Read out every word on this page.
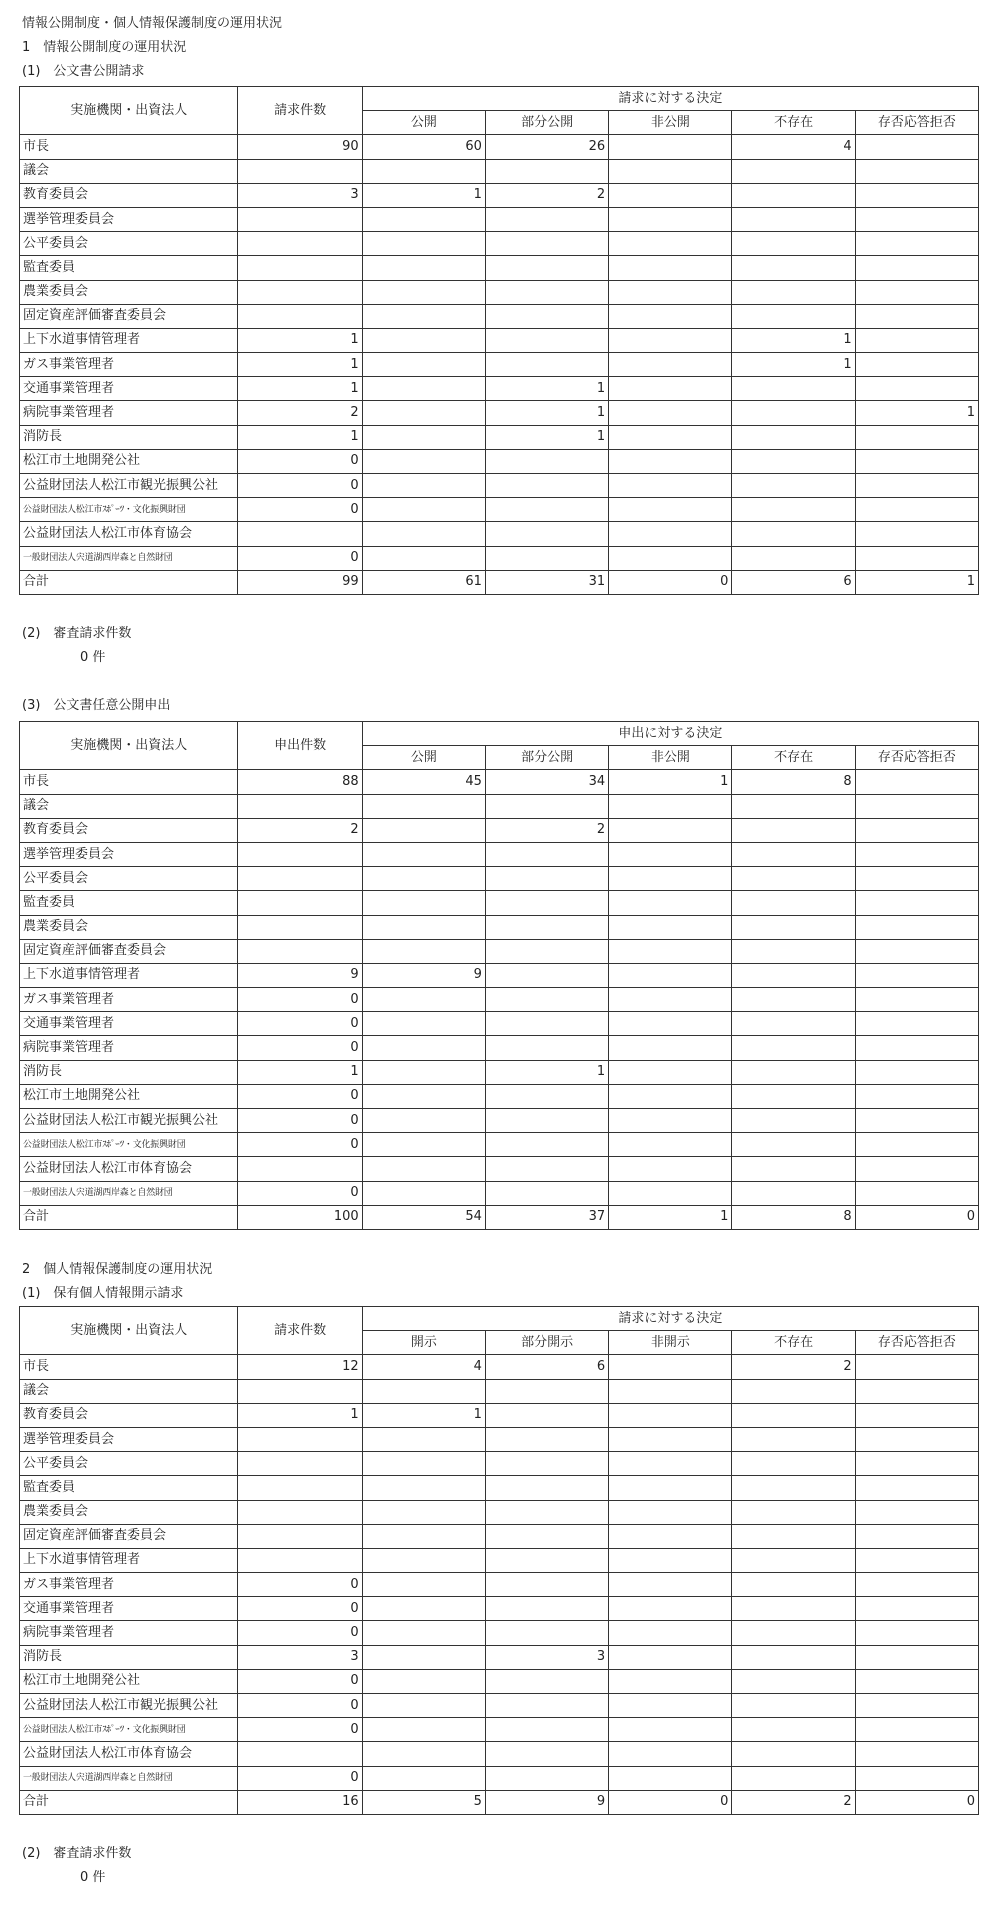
情報公開制度・個人情報保護制度の運用状況
1　情報公開制度の運用状況
(1)　公文書公開請求
実施機関・出資法人	請求件数	請求に対する決定				
		公開	部分公開	非公開	不存在	存否応答拒否
市長	90	60	26		4	
議会						
教育委員会	3	1	2			
選挙管理委員会						
公平委員会						
監査委員						
農業委員会						
固定資産評価審査委員会						
上下水道事情管理者	1				1	
ガス事業管理者	1				1	
交通事業管理者	1		1			
病院事業管理者	2		1			1
消防長	1		1			
松江市土地開発公社	0					
公益財団法人松江市観光振興公社	0					
公益財団法人松江市ｽﾎﾟｰﾂ・文化振興財団	0					
公益財団法人松江市体育協会						
一般財団法人宍道湖西岸森と自然財団	0					
合計	99	61	31	0	6	1
(2)　審査請求件数
0 件
(3)　公文書任意公開申出
実施機関・出資法人	申出件数	申出に対する決定				
		公開	部分公開	非公開	不存在	存否応答拒否
市長	88	45	34	1	8	
議会						
教育委員会	2		2			
選挙管理委員会						
公平委員会						
監査委員						
農業委員会						
固定資産評価審査委員会						
上下水道事情管理者	9	9				
ガス事業管理者	0					
交通事業管理者	0					
病院事業管理者	0					
消防長	1		1			
松江市土地開発公社	0					
公益財団法人松江市観光振興公社	0					
公益財団法人松江市ｽﾎﾟｰﾂ・文化振興財団	0					
公益財団法人松江市体育協会						
一般財団法人宍道湖西岸森と自然財団	0					
合計	100	54	37	1	8	0
2　個人情報保護制度の運用状況
(1)　保有個人情報開示請求
実施機関・出資法人	請求件数	請求に対する決定				
		開示	部分開示	非開示	不存在	存否応答拒否
市長	12	4	6		2	
議会						
教育委員会	1	1				
選挙管理委員会						
公平委員会						
監査委員						
農業委員会						
固定資産評価審査委員会						
上下水道事情管理者						
ガス事業管理者	0					
交通事業管理者	0					
病院事業管理者	0					
消防長	3		3			
松江市土地開発公社	0					
公益財団法人松江市観光振興公社	0					
公益財団法人松江市ｽﾎﾟｰﾂ・文化振興財団	0					
公益財団法人松江市体育協会						
一般財団法人宍道湖西岸森と自然財団	0					
合計	16	5	9	0	2	0
(2)　審査請求件数
0 件
